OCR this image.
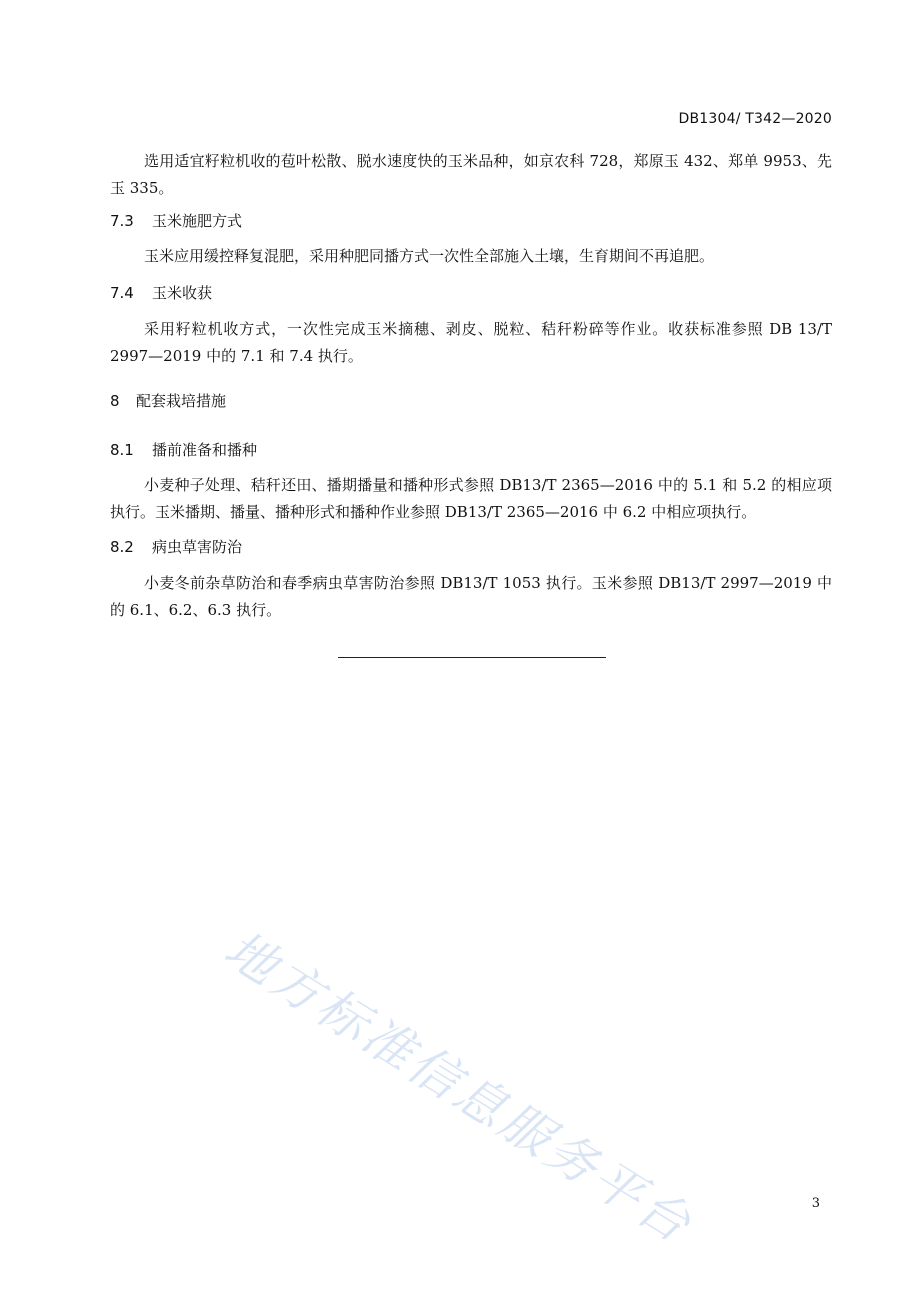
DB1304/ T342—2020

选用适宜籽粒机收的苞叶松散、脱水速度快的玉米品种，如京农科 728，郑原玉 432、郑单 9953、先玉 335。

7.3 玉米施肥方式

玉米应用缓控释复混肥，采用种肥同播方式一次性全部施入土壤，生育期间不再追肥。

7.4 玉米收获

采用籽粒机收方式，一次性完成玉米摘穗、剥皮、脱粒、秸秆粉碎等作业。收获标准参照 DB 13/T 2997—2019 中的 7.1 和 7.4 执行。

8 配套栽培措施
8.1 播前准备和播种

小麦种子处理、秸秆还田、播期播量和播种形式参照 DB13/T 2365—2016 中的 5.1 和 5.2 的相应项执行。玉米播期、播量、播种形式和播种作业参照 DB13/T 2365—2016 中 6.2 中相应项执行。

8.2 病虫草害防治

小麦冬前杂草防治和春季病虫草害防治参照 DB13/T 1053 执行。玉米参照 DB13/T 2997—2019 中的 6.1、6.2、6.3 执行。

地方标准信息服务平台	3
